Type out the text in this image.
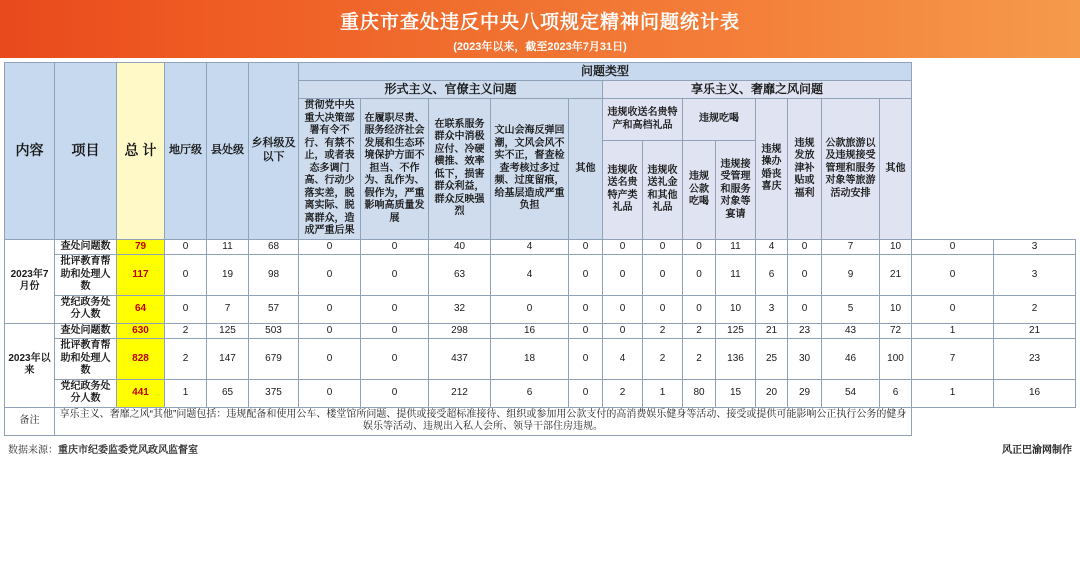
重庆市查处违反中央八项规定精神问题统计表
(2023年以来，截至2023年7月31日)
内容	项目	总 计	地厅级	县处级	乡科级及以下	问题类型														
						形式主义、官僚主义问题					享乐主义、奢靡之风问题									
						贯彻党中央重大决策部署有令不行、有禁不止，或者表态多调门高、行动少落实差，脱离实际、脱离群众，造成严重后果	在履职尽责、服务经济社会发展和生态环境保护方面不担当、不作为、乱作为、假作为，严重影响高质量发展	在联系服务群众中消极应付、冷硬横推、效率低下，损害群众利益，群众反映强烈	文山会海反弹回潮，文风会风不实不正，督查检查考核过多过频、过度留痕，给基层造成严重负担	其他	违规收送名贵特产和高档礼品		违规吃喝		违规操办婚丧喜庆	违规发放津补贴或福利	公款旅游以及违规接受管理和服务对象等旅游活动安排	其他		
											违规收送名贵特产类礼品	违规收送礼金和其他礼品	违规公款吃喝	违规接受管理和服务对象等宴请						
2023年7月份	查处问题数	79	0	11	68	0	0	40	4	0	0	0	0	11	4	0	7	10	0	3
	批评教育帮助和处理人数	117	0	19	98	0	0	63	4	0	0	0	0	11	6	0	9	21	0	3
	党纪政务处分人数	64	0	7	57	0	0	32	0	0	0	0	0	10	3	0	5	10	0	2
2023年以来	查处问题数	630	2	125	503	0	0	298	16	0	0	2	2	125	21	23	43	72	1	21
	批评教育帮助和处理人数	828	2	147	679	0	0	437	18	0	4	2	2	136	25	30	46	100	7	23
	党纪政务处分人数	441	1	65	375	0	0	212	6	0	2	1	80	15	20	29	54	6	1	16
备注	享乐主义、奢靡之风“其他”问题包括：违规配备和使用公车、楼堂馆所问题、提供或接受超标准接待、组织或参加用公款支付的高消费娱乐健身等活动、接受或提供可能影响公正执行公务的健身娱乐等活动、违规出入私人会所、领导干部住房违规。																			
数据来源：重庆市纪委监委党风政风监督室	风正巴渝网制作
